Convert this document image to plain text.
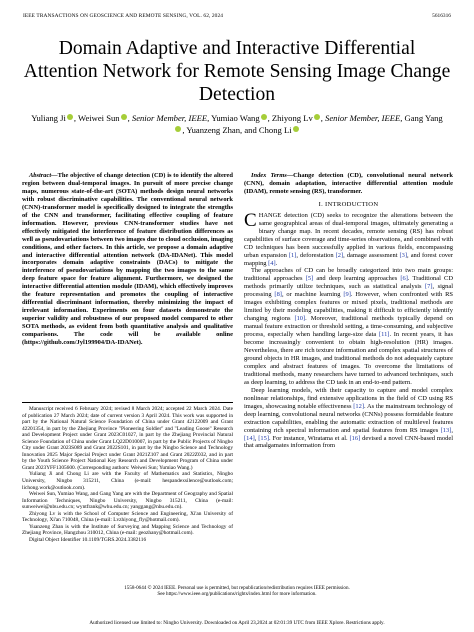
IEEE TRANSACTIONS ON GEOSCIENCE AND REMOTE SENSING, VOL. 62, 2024	5616316
Domain Adaptive and Interactive Differential Attention Network for Remote Sensing Image Change Detection
Yuliang Ji , Weiwei Sun , Senior Member, IEEE, Yumiao Wang , Zhiyong Lv , Senior Member, IEEE, Gang Yang, Yuanzeng Zhan, and Chong Li
Abstract—The objective of change detection (CD) is to identify the altered region between dual-temporal images. In pursuit of more precise change maps, numerous state-of-the-art (SOTA) methods design neural networks with robust discriminative capabilities. The conventional neural network (CNN)-transformer model is specifically designed to integrate the strengths of the CNN and transformer, facilitating effective coupling of feature information. However, previous CNN-transformer studies have not effectively mitigated the interference of feature distribution differences as well as pseudovariations between two images due to cloud occlusion, imaging conditions, and other factors. In this article, we propose a domain adaptive and interactive differential attention network (DA-IDANet). This model incorporates domain adaptive constraints (DACs) to mitigate the interference of pseudovariations by mapping the two images to the same deep feature space for feature alignment. Furthermore, we designed the interactive differential attention module (IDAM), which effectively improves the feature representation and promotes the coupling of interactive differential discriminant information, thereby minimizing the impact of irrelevant information. Experiments on four datasets demonstrate the superior validity and robustness of our proposed model compared to other SOTA methods, as evident from both quantitative analysis and qualitative comparisons. The code will be available online (https://github.com/Jyl199904/DA-IDANet).

Manuscript received 6 February 2024; revised 8 March 2024; accepted 22 March 2024. Date of publication 27 March 2024; date of current version 3 April 2024. This work was supported in part by the National Natural Science Foundation of China under Grant 42122009 and Grant 42201354, in part by the Zhejiang Province "Pioneering Soldier" and "Leading Goose" Research and Development Project under Grant 2023C01027, in part by the Zhejiang Provincial Natural Science Foundation of China under Grant LQ22D010007, in part by the Public Projects of Ningbo City under Grant 2023S089 and Grant 2022S101, in part by the Ningbo Science and Technology Innovation 2025 Major Special Project under Grant 2021Z107 and Grant 2022Z032, and in part by the Youth Science Project National Key Research and Development Program of China under Grant 2023YFF1305600. (Corresponding authors: Weiwei Sun; Yumiao Wang.)

Yuliang Ji and Chong Li are with the Faculty of Mathematics and Statistics, Ningbo University, Ningbo 315211, China (e-mail: hespandexsilence@outlook.com; lichong.work@outlook.com).

Weiwei Sun, Yumiao Wang, and Gang Yang are with the Department of Geography and Spatial Information Techniques, Ningbo University, Ningbo 315211, China (e-mail: sunweiwei@nbu.edu.cn; wyntfrank@whu.edu.cn; yanggang@nbu.edu.cn).

Zhiyong Lv is with the School of Computer Science and Engineering, Xi'an University of Technology, Xi'an 710048, China (e-mail: Lvzhiyong_fly@hotmail.com).

Yuanzeng Zhan is with the Institute of Surveying and Mapping Science and Technology of Zhejiang Province, Hangzhou 310012, China (e-mail: geozhany@hotmail.com).

Digital Object Identifier 10.1109/TGRS.2024.3382116

Index Terms—Change detection (CD), convolutional neural network (CNN), domain adaptation, interactive differential attention module (IDAM), remote sensing (RS), transformer.

I. INTRODUCTION

CHANGE detection (CD) seeks to recognize the alterations between the same geographical areas of dual-temporal images, ultimately generating a binary change map. In recent decades, remote sensing (RS) has robust capabilities of surface coverage and time-series observations, and combined with CD techniques has been successfully applied in various fields, encompassing urban expansion [1], deforestation [2], damage assessment [3], and forest cover mapping [4].

The approaches of CD can be broadly categorized into two main groups: traditional approaches [5] and deep learning approaches [6]. Traditional CD methods primarily utilize techniques, such as statistical analysis [7], signal processing [8], or machine learning [9]. However, when confronted with RS images exhibiting complex features or mixed pixels, traditional methods are limited by their modeling capabilities, making it difficult to efficiently identify changing regions [10]. Moreover, traditional methods typically depend on manual feature extraction or threshold setting, a time-consuming, and subjective process, especially when handling large-size data [11]. In recent years, it has become increasingly convenient to obtain high-resolution (HR) images. Nevertheless, there are rich texture information and complex spatial structures of ground objects in HR images, and traditional methods do not adequately capture complex and abstract features of images. To overcome the limitations of traditional methods, many researchers have turned to advanced techniques, such as deep learning, to address the CD task in an end-to-end pattern.

Deep learning models, with their capacity to capture and model complex nonlinear relationships, find extensive applications in the field of CD using RS images, showcasing notable effectiveness [12]. As the mainstream technology of deep learning, convolutional neural networks (CNNs) possess formidable feature extraction capabilities, enabling the automatic extraction of multilevel features containing rich spectral information and spatial features from RS images [13], [14], [15]. For instance, Wiratama et al. [16] devised a novel CNN-based model that amalgamates information from

1558-0644 © 2024 IEEE. Personal use is permitted, but republication/redistribution requires IEEE permission.
See https://www.ieee.org/publications/rights/index.html for more information.
Authorized licensed use limited to: Ningbo University. Downloaded on April 23,2024 at 02:01:39 UTC from IEEE Xplore. Restrictions apply.
